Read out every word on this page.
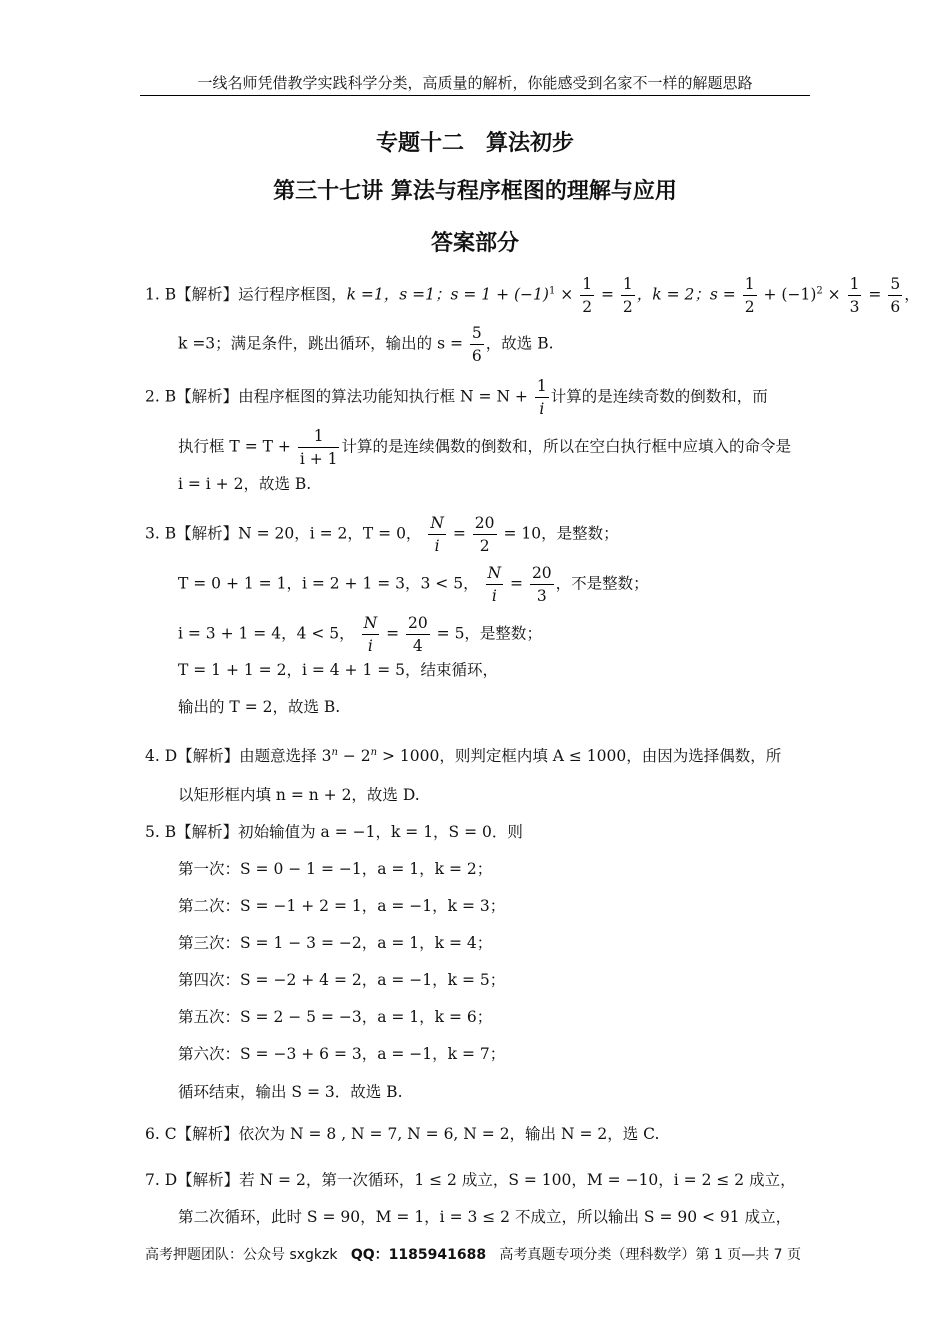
一线名师凭借教学实践科学分类，高质量的解析，你能感受到名家不一样的解题思路
专题十二　算法初步
第三十七讲 算法与程序框图的理解与应用
答案部分
1. B【解析】运行程序框图，k =1，s =1；$s = 1 + (-1)^1 \times \frac{1}{2} = \frac{1}{2}$ ，k = 2；$s = \frac{1}{2} + (-1)^2 \times \frac{1}{3} = \frac{5}{6}$ ，
k =3；满足条件，跳出循环，输出的 $s = \frac{5}{6}$ ，故选 B.
2. B【解析】由程序框图的算法功能知执行框 $N = N + \frac{1}{i}$ 计算的是连续奇数的倒数和，而
执行框 $T = T + \frac{1}{i + 1}$ 计算的是连续偶数的倒数和，所以在空白执行框中应填入的命令是
i = i + 2，故选 B.
3. B【解析】N = 20，i = 2，T = 0， $\frac{N}{i} = \frac{20}{2} = 10$，是整数；
T = 0 + 1 = 1，i = 2 + 1 = 3，3 < 5， $\frac{N}{i} = \frac{20}{3}$ ，不是整数；
i = 3 + 1 = 4，4 < 5， $\frac{N}{i} = \frac{20}{4} = 5$，是整数；
T = 1 + 1 = 2，i = 4 + 1 = 5，结束循环，
输出的 T = 2，故选 B.
4. D【解析】由题意选择 $3^n - 2^n > 1000$，则判定框内填 A ≤ 1000，由因为选择偶数，所
以矩形框内填 n = n + 2，故选 D.
5. B【解析】初始输值为 a = −1，k = 1，S = 0．则
第一次：S = 0 − 1 = −1，a = 1，k = 2；
第二次：S = −1 + 2 = 1，a = −1，k = 3；
第三次：S = 1 − 3 = −2，a = 1，k = 4；
第四次：S = −2 + 4 = 2，a = −1，k = 5；
第五次：S = 2 − 5 = −3，a = 1，k = 6；
第六次：S = −3 + 6 = 3，a = −1，k = 7；
循环结束，输出 S = 3．故选 B.
6. C【解析】依次为 N = 8 , N = 7, N = 6, N = 2，输出 N = 2，选 C.
7. D【解析】若 N = 2，第一次循环，1 ≤ 2 成立，S = 100，M = −10，i = 2 ≤ 2 成立，
第二次循环，此时 S = 90，M = 1，i = 3 ≤ 2 不成立，所以输出 S = 90 < 91 成立，
高考押题团队：公众号 sxgkzk QQ：1185941688 高考真题专项分类（理科数学）第 1 页—共 7 页
